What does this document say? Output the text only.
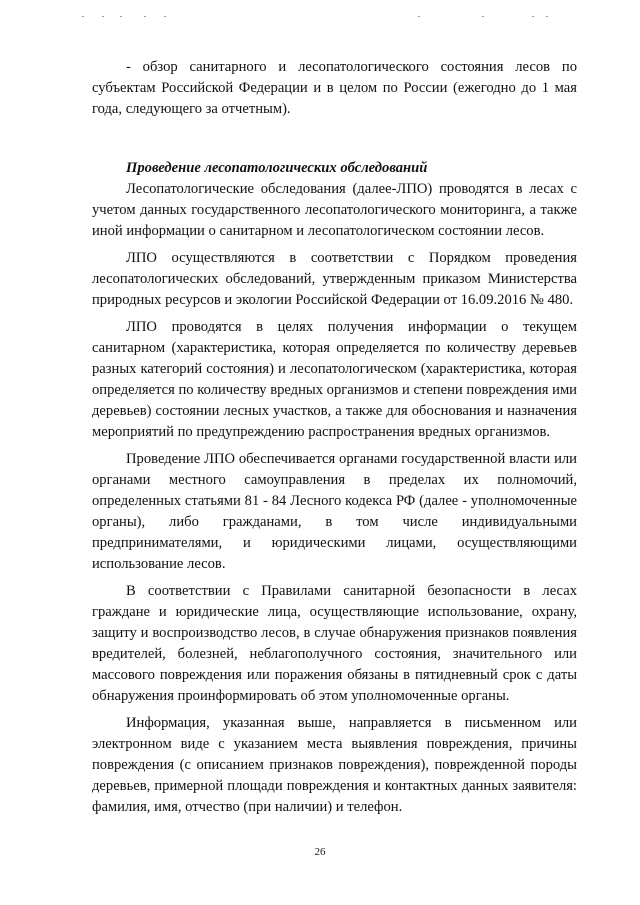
- обзор санитарного и лесопатологического состояния лесов по субъектам Российской Федерации и в целом по России (ежегодно до 1 мая года, следующего за отчетным).

Проведение лесопатологических обследований

Лесопатологические обследования (далее-ЛПО) проводятся в лесах с учетом данных государственного лесопатологического мониторинга, а также иной информации о санитарном и лесопатологическом состоянии лесов.

ЛПО осуществляются в соответствии с Порядком проведения лесопатологических обследований, утвержденным приказом Министерства природных ресурсов и экологии Российской Федерации от 16.09.2016 № 480.

ЛПО проводятся в целях получения информации о текущем санитарном (характеристика, которая определяется по количеству деревьев разных категорий состояния) и лесопатологическом (характеристика, которая определяется по количеству вредных организмов и степени повреждения ими деревьев) состоянии лесных участков, а также для обоснования и назначения мероприятий по предупреждению распространения вредных организмов.

Проведение ЛПО обеспечивается органами государственной власти или органами местного самоуправления в пределах их полномочий, определенных статьями 81 - 84 Лесного кодекса РФ (далее - уполномоченные органы), либо гражданами, в том числе индивидуальными предпринимателями, и юридическими лицами, осуществляющими использование лесов.

В соответствии с Правилами санитарной безопасности в лесах граждане и юридические лица, осуществляющие использование, охрану, защиту и воспроизводство лесов, в случае обнаружения признаков появления вредителей, болезней, неблагополучного состояния, значительного или массового повреждения или поражения обязаны в пятидневный срок с даты обнаружения проинформировать об этом уполномоченные органы.

Информация, указанная выше, направляется в письменном или электронном виде с указанием места выявления повреждения, причины повреждения (с описанием признаков повреждения), поврежденной породы деревьев, примерной площади повреждения и контактных данных заявителя: фамилия, имя, отчество (при наличии) и телефон.

26
